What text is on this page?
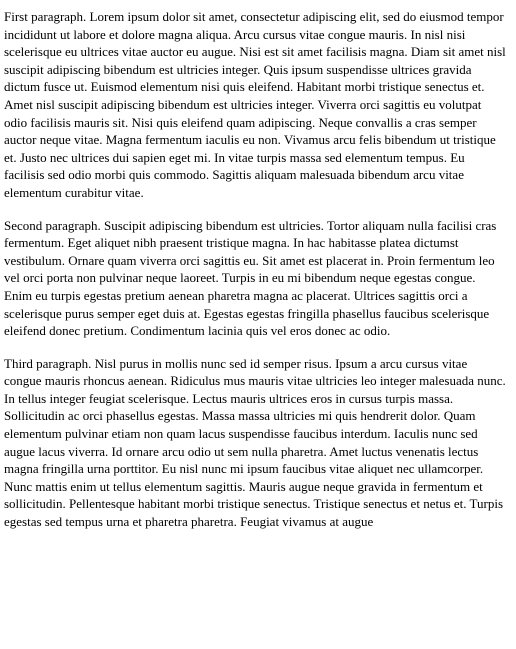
First paragraph. Lorem ipsum dolor sit amet, consectetur adipiscing elit, sed do eiusmod tempor incididunt ut labore et dolore magna aliqua. Arcu cursus vitae congue mauris. In nisl nisi scelerisque eu ultrices vitae auctor eu augue. Nisi est sit amet facilisis magna. Diam sit amet nisl suscipit adipiscing bibendum est ultricies integer. Quis ipsum suspendisse ultrices gravida dictum fusce ut. Euismod elementum nisi quis eleifend. Habitant morbi tristique senectus et. Amet nisl suscipit adipiscing bibendum est ultricies integer. Viverra orci sagittis eu volutpat odio facilisis mauris sit. Nisi quis eleifend quam adipiscing. Neque convallis a cras semper auctor neque vitae. Magna fermentum iaculis eu non. Vivamus arcu felis bibendum ut tristique et. Justo nec ultrices dui sapien eget mi. In vitae turpis massa sed elementum tempus. Eu facilisis sed odio morbi quis commodo. Sagittis aliquam malesuada bibendum arcu vitae elementum curabitur vitae.

Second paragraph. Suscipit adipiscing bibendum est ultricies. Tortor aliquam nulla facilisi cras fermentum. Eget aliquet nibh praesent tristique magna. In hac habitasse platea dictumst vestibulum. Ornare quam viverra orci sagittis eu. Sit amet est placerat in. Proin fermentum leo vel orci porta non pulvinar neque laoreet. Turpis in eu mi bibendum neque egestas congue. Enim eu turpis egestas pretium aenean pharetra magna ac placerat. Ultrices sagittis orci a scelerisque purus semper eget duis at. Egestas egestas fringilla phasellus faucibus scelerisque eleifend donec pretium. Condimentum lacinia quis vel eros donec ac odio.

Third paragraph. Nisl purus in mollis nunc sed id semper risus. Ipsum a arcu cursus vitae congue mauris rhoncus aenean. Ridiculus mus mauris vitae ultricies leo integer malesuada nunc. In tellus integer feugiat scelerisque. Lectus mauris ultrices eros in cursus turpis massa. Sollicitudin ac orci phasellus egestas. Massa massa ultricies mi quis hendrerit dolor. Quam elementum pulvinar etiam non quam lacus suspendisse faucibus interdum. Iaculis nunc sed augue lacus viverra. Id ornare arcu odio ut sem nulla pharetra. Amet luctus venenatis lectus magna fringilla urna porttitor. Eu nisl nunc mi ipsum faucibus vitae aliquet nec ullamcorper. Nunc mattis enim ut tellus elementum sagittis. Mauris augue neque gravida in fermentum et sollicitudin. Pellentesque habitant morbi tristique senectus. Tristique senectus et netus et. Turpis egestas sed tempus urna et pharetra pharetra. Feugiat vivamus at augue
